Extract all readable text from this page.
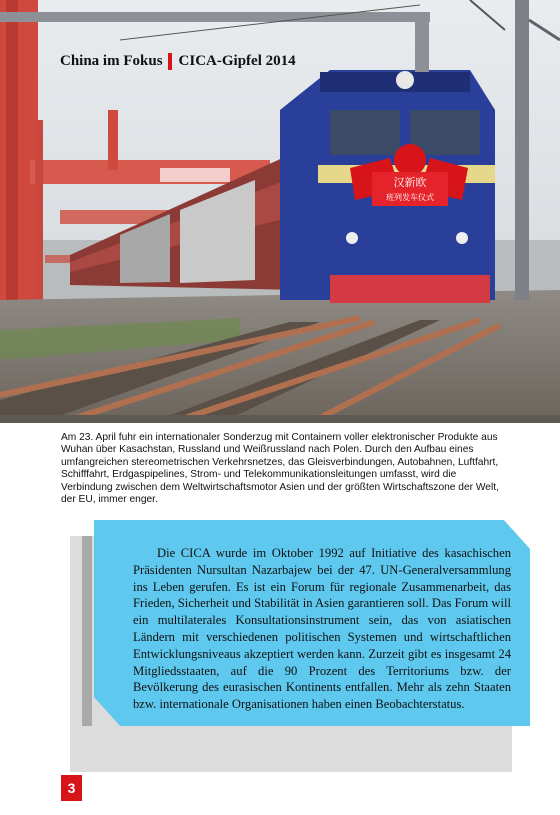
汉新欧
班列发车仪式
China im Fokus CICA-Gipfel 2014
Am 23. April fuhr ein internationaler Sonderzug mit Containern voller elektronischer Produkte aus Wuhan über Kasachstan, Russland und Weißrussland nach Polen. Durch den Aufbau eines umfangreichen stereometrischen Verkehrsnetzes, das Gleisverbindungen, Autobahnen, Luftfahrt, Schifffahrt, Erdgaspipelines, Strom- und Telekommunikationsleitungen umfasst, wird die Verbindung zwischen dem Weltwirtschaftsmotor Asien und der größten Wirtschaftszone der Welt, der EU, immer enger.
Die CICA wurde im Oktober 1992 auf Initiative des kasachischen Präsidenten Nursultan Nazarbajew bei der 47. UN-Generalversammlung ins Leben gerufen. Es ist ein Forum für regionale Zusammenarbeit, das Frieden, Sicherheit und Stabilität in Asien garantieren soll. Das Forum will ein multilaterales Konsultationsinstrument sein, das von asiatischen Ländern mit verschiedenen politischen Systemen und wirtschaftlichen Entwicklungsniveaus akzeptiert werden kann. Zurzeit gibt es insgesamt 24 Mitgliedsstaaten, auf die 90 Prozent des Territoriums bzw. der Bevölkerung des eurasischen Kontinents entfallen. Mehr als zehn Staaten bzw. internationale Organisationen haben einen Beobachterstatus.
3
